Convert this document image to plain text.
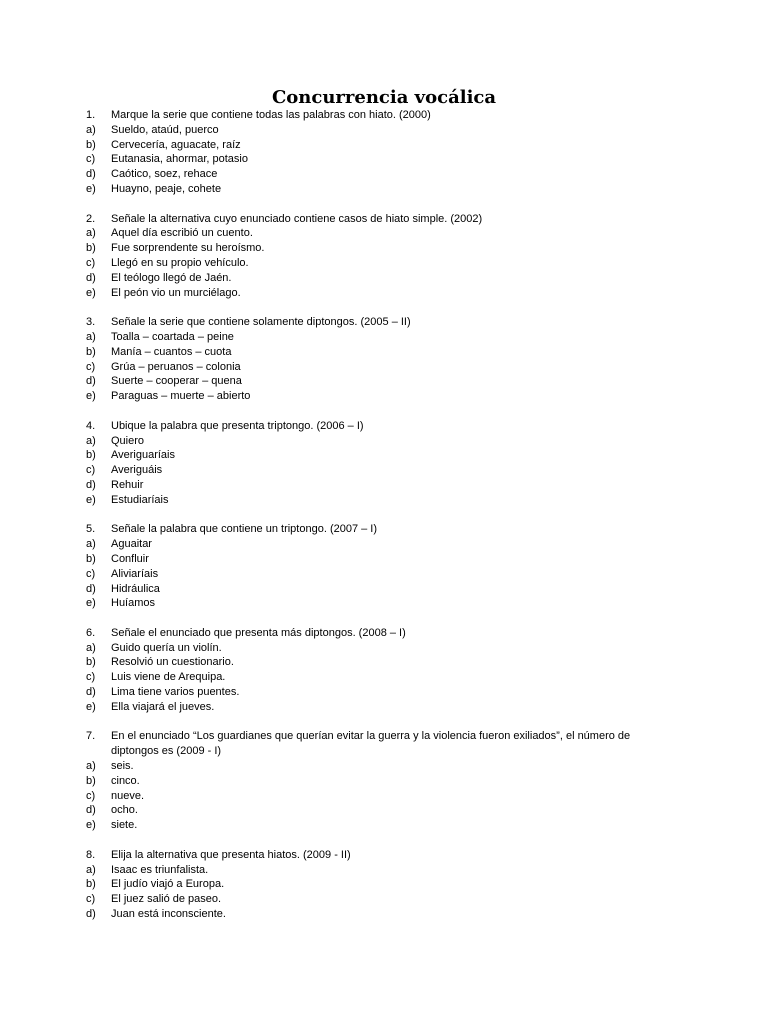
Concurrencia vocálica
1.	Marque la serie que contiene todas las palabras con hiato. (2000)
a)	Sueldo, ataúd, puerco
b)	Cervecería, aguacate, raíz
c)	Eutanasia, ahormar, potasio
d)	Caótico, soez, rehace
e)	Huayno, peaje, cohete
2.	Señale la alternativa cuyo enunciado contiene casos de hiato simple. (2002)
a)	Aquel día escribió un cuento.
b)	Fue sorprendente su heroísmo.
c)	Llegó en su propio vehículo.
d)	El teólogo llegó de Jaén.
e)	El peón vio un murciélago.
3.	Señale la serie que contiene solamente diptongos. (2005 – II)
a)	Toalla – coartada – peine
b)	Manía – cuantos – cuota
c)	Grúa – peruanos – colonia
d)	Suerte – cooperar – quena
e)	Paraguas – muerte – abierto
4.	Ubique la palabra que presenta triptongo. (2006 – I)
a)	Quiero
b)	Averiguaríais
c)	Averiguáis
d)	Rehuir
e)	Estudiaríais
5.	Señale la palabra que contiene un triptongo. (2007 – I)
a)	Aguaitar
b)	Confluir
c)	Aliviaríais
d)	Hidráulica
e)	Huíamos
6.	Señale el enunciado que presenta más diptongos. (2008 – I)
a)	Guido quería un violín.
b)	Resolvió un cuestionario.
c)	Luis viene de Arequipa.
d)	Lima tiene varios puentes.
e)	Ella viajará el jueves.
7.	En el enunciado “Los guardianes que querían evitar la guerra y la violencia fueron exiliados”, el número de diptongos es (2009 - I)
a)	seis.
b)	cinco.
c)	nueve.
d)	ocho.
e)	siete.
8.	Elija la alternativa que presenta hiatos. (2009 - II)
a)	Isaac es triunfalista.
b)	El judío viajó a Europa.
c)	El juez salió de paseo.
d)	Juan está inconsciente.
